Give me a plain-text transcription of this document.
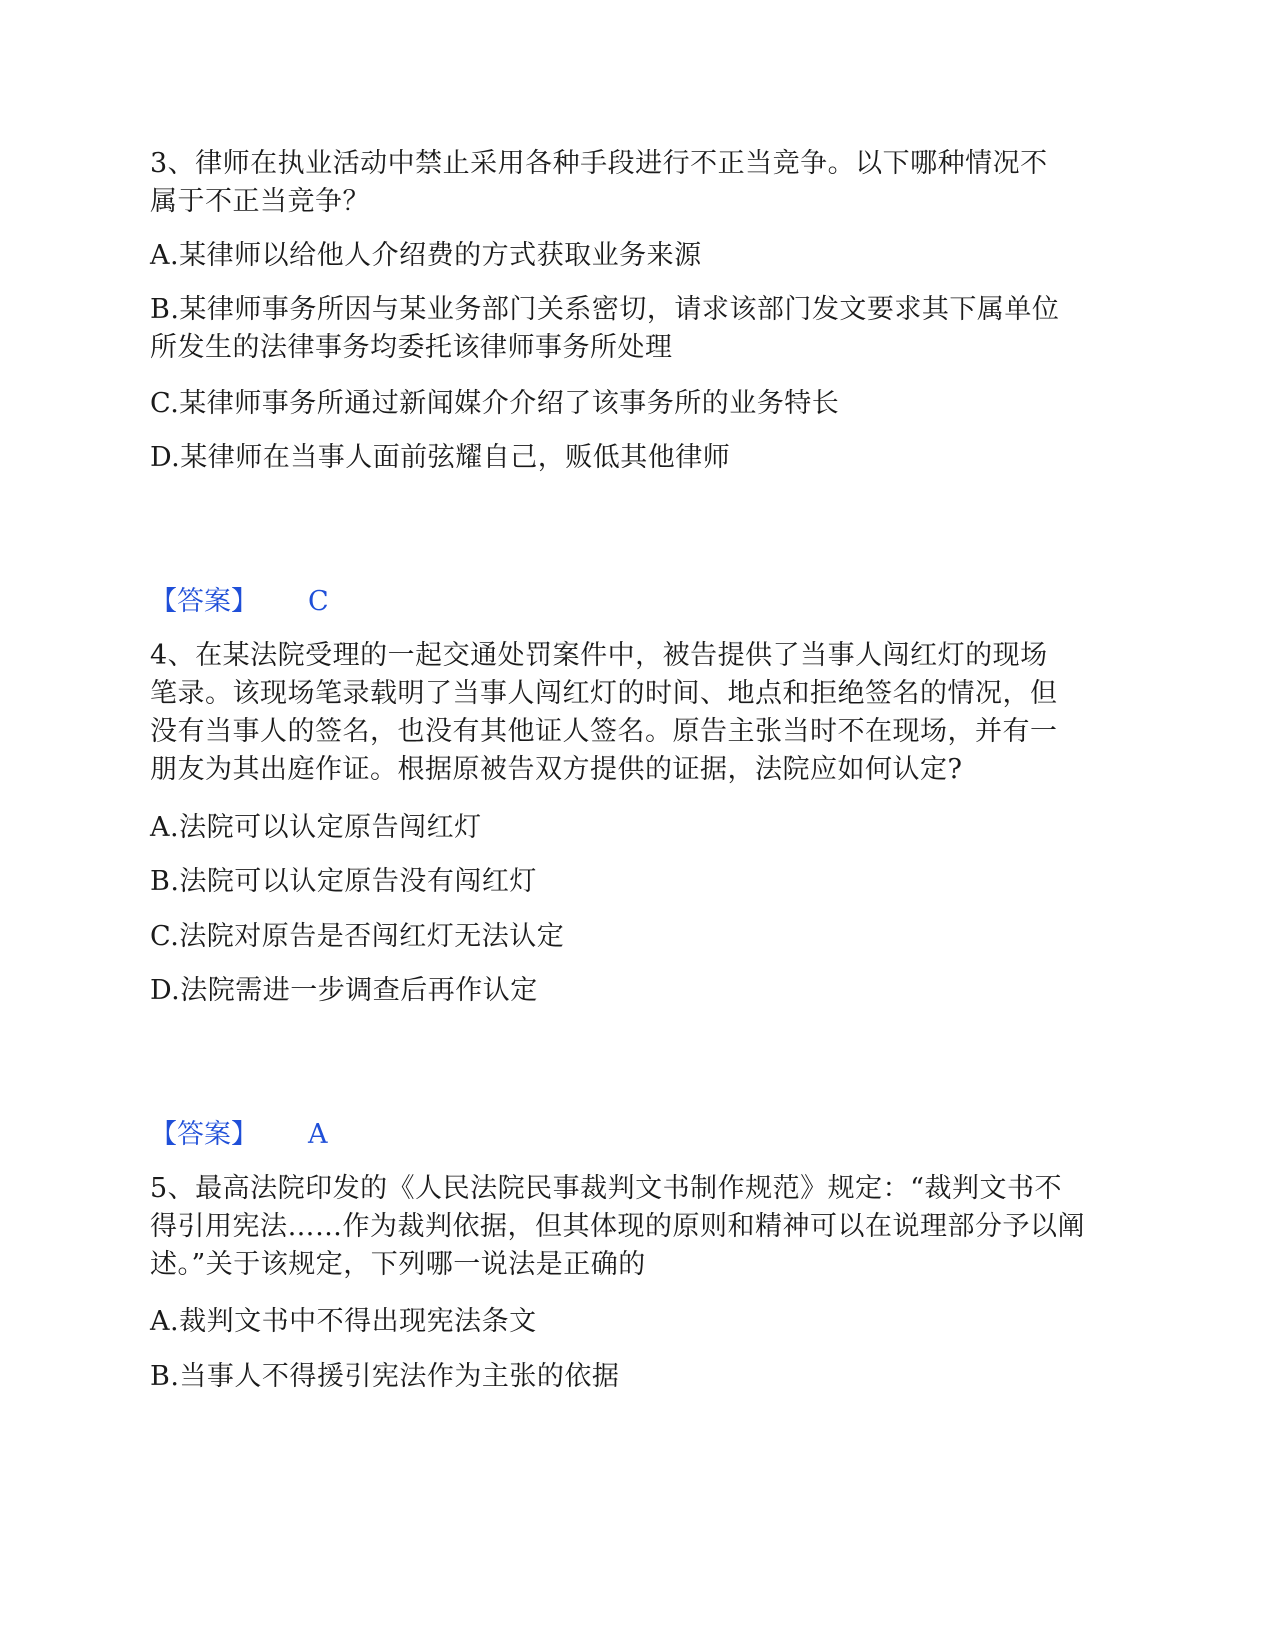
3、律师在执业活动中禁止采用各种手段进行不正当竞争。以下哪种情况不
属于不正当竞争？
A.某律师以给他人介绍费的方式获取业务来源
B.某律师事务所因与某业务部门关系密切，请求该部门发文要求其下属单位
所发生的法律事务均委托该律师事务所处理
C.某律师事务所通过新闻媒介介绍了该事务所的业务特长
D.某律师在当事人面前弦耀自己，贩低其他律师
【答案】 C
4、在某法院受理的一起交通处罚案件中，被告提供了当事人闯红灯的现场
笔录。该现场笔录载明了当事人闯红灯的时间、地点和拒绝签名的情况，但
没有当事人的签名，也没有其他证人签名。原告主张当时不在现场，并有一
朋友为其出庭作证。根据原被告双方提供的证据，法院应如何认定?
A.法院可以认定原告闯红灯
B.法院可以认定原告没有闯红灯
C.法院对原告是否闯红灯无法认定
D.法院需进一步调查后再作认定
【答案】 A
5、最高法院印发的《人民法院民事裁判文书制作规范》规定：“裁判文书不
得引用宪法……作为裁判依据，但其体现的原则和精神可以在说理部分予以阐
述。”关于该规定，下列哪一说法是正确的
A.裁判文书中不得出现宪法条文
B.当事人不得援引宪法作为主张的依据
